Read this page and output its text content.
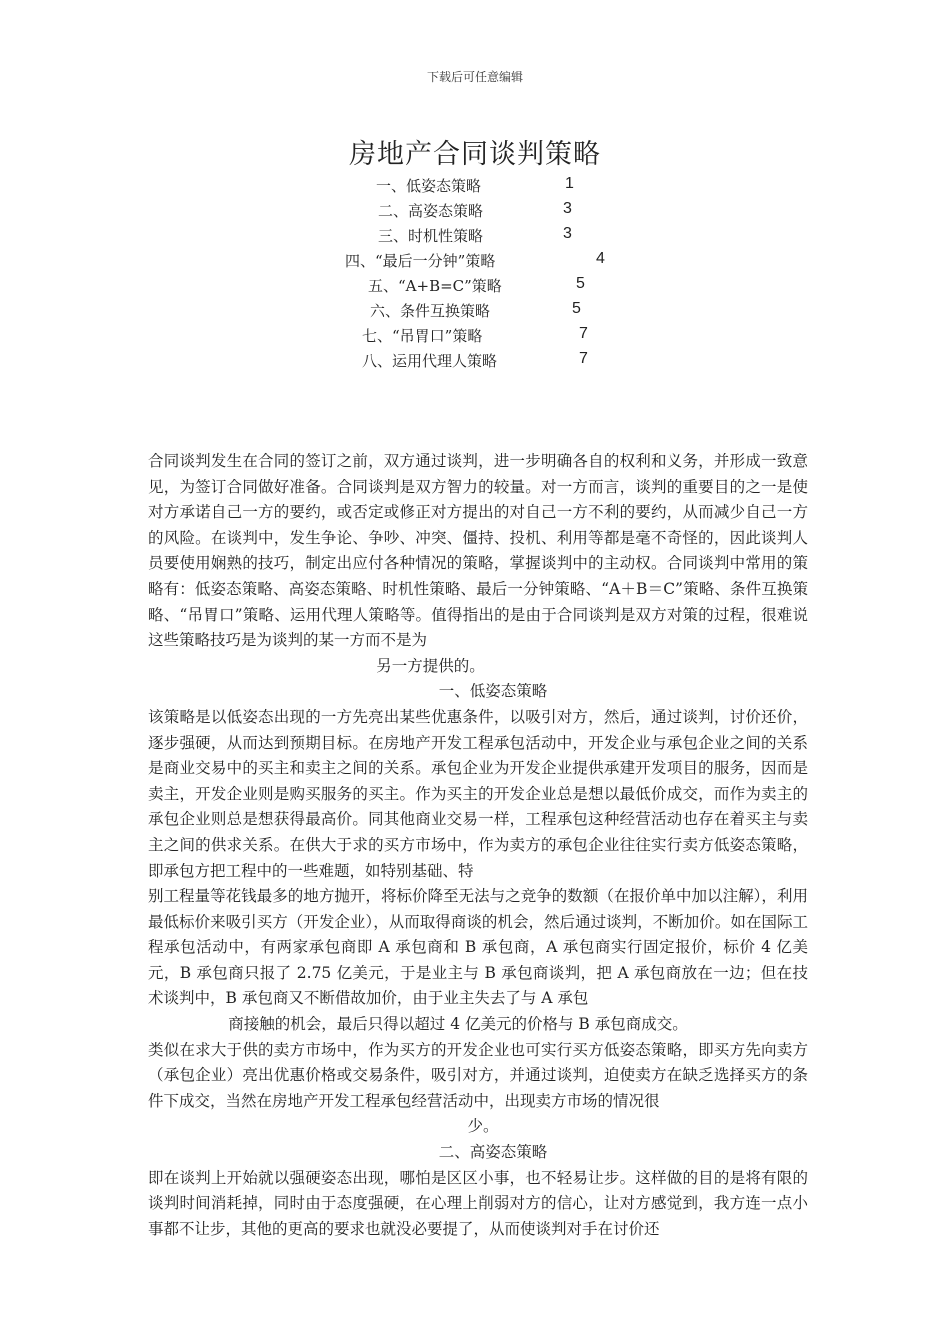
下载后可任意编辑
房地产合同谈判策略
一、低姿态策略	1
二、高姿态策略	3
三、时机性策略	3
四、“最后一分钟”策略	4
五、“A+B=C”策略	5
六、条件互换策略	5
七、“吊胃口”策略	7
八、运用代理人策略	7

合同谈判发生在合同的签订之前，双方通过谈判，进一步明确各自的权利和义务，并形成一致意见，为签订合同做好准备。合同谈判是双方智力的较量。对一方而言，谈判的重要目的之一是使对方承诺自己一方的要约，或否定或修正对方提出的对自己一方不利的要约，从而减少自己一方的风险。在谈判中，发生争论、争吵、冲突、僵持、投机、利用等都是毫不奇怪的，因此谈判人员要使用娴熟的技巧，制定出应付各种情况的策略，掌握谈判中的主动权。合同谈判中常用的策略有：低姿态策略、高姿态策略、时机性策略、最后一分钟策略、“A＋B＝C”策略、条件互换策略、“吊胃口”策略、运用代理人策略等。值得指出的是由于合同谈判是双方对策的过程，很难说这些策略技巧是为谈判的某一方而不是为

另一方提供的。

一、低姿态策略

该策略是以低姿态出现的一方先亮出某些优惠条件，以吸引对方，然后，通过谈判，讨价还价，逐步强硬，从而达到预期目标。在房地产开发工程承包活动中，开发企业与承包企业之间的关系是商业交易中的买主和卖主之间的关系。承包企业为开发企业提供承建开发项目的服务，因而是卖主，开发企业则是购买服务的买主。作为买主的开发企业总是想以最低价成交，而作为卖主的承包企业则总是想获得最高价。同其他商业交易一样，工程承包这种经营活动也存在着买主与卖主之间的供求关系。在供大于求的买方市场中，作为卖方的承包企业往往实行卖方低姿态策略，即承包方把工程中的一些难题，如特别基础、特

别工程量等花钱最多的地方抛开，将标价降至无法与之竞争的数额（在报价单中加以注解），利用最低标价来吸引买方（开发企业），从而取得商谈的机会，然后通过谈判，不断加价。如在国际工程承包活动中，有两家承包商即 A 承包商和 B 承包商，A 承包商实行固定报价，标价 4 亿美元，B 承包商只报了 2.75 亿美元，于是业主与 B 承包商谈判，把 A 承包商放在一边；但在技术谈判中，B 承包商又不断借故加价，由于业主失去了与 A 承包

商接触的机会，最后只得以超过 4 亿美元的价格与 B 承包商成交。

类似在求大于供的卖方市场中，作为买方的开发企业也可实行买方低姿态策略，即买方先向卖方（承包企业）亮出优惠价格或交易条件，吸引对方，并通过谈判，迫使卖方在缺乏选择买方的条件下成交，当然在房地产开发工程承包经营活动中，出现卖方市场的情况很

少。

二、高姿态策略

即在谈判上开始就以强硬姿态出现，哪怕是区区小事，也不轻易让步。这样做的目的是将有限的谈判时间消耗掉，同时由于态度强硬，在心理上削弱对方的信心，让对方感觉到，我方连一点小事都不让步，其他的更高的要求也就没必要提了，从而使谈判对手在讨价还
